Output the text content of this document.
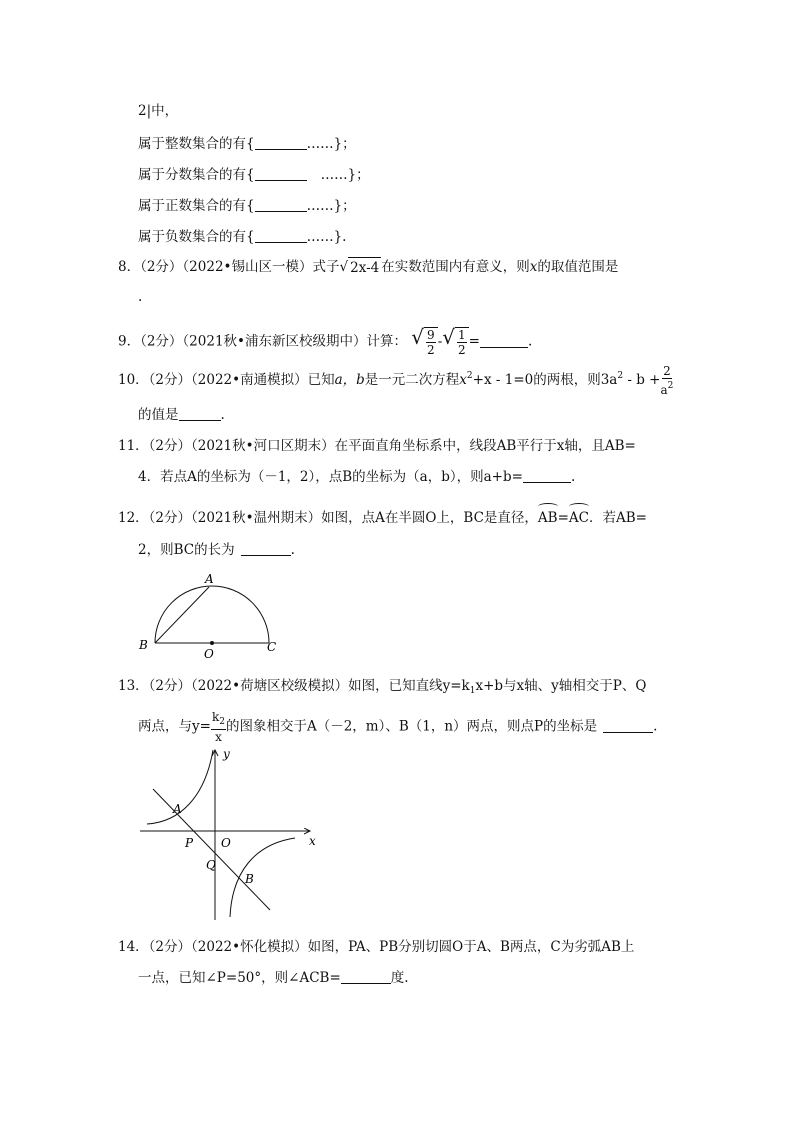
2|中，
属于整数集合的有{	……}；
属于分数集合的有{	……}；
属于正数集合的有{	……}；
属于负数集合的有{	……}.
8．（2分）（2022•锡山区一模）式子 √ 2x-4 在实数范围内有意义，则x的取值范围是
.
9．（2分）（2021秋•浦东新区校级期中）计算： √ $\frac{9}{2}$ - √ $\frac{1}{2}$ =	.
10．（2分）（2022•南通模拟）已知a，b是一元二次方程$x^2+x - 1=0$的两根，则$3a^2 - b + \frac{2}{a^2}$
的值是	.
11．（2分）（2021秋•河口区期末）在平面直角坐标系中，线段AB平行于x轴，且AB=
4．若点A的坐标为（－1，2），点B的坐标为（a，b），则a+b=	.
12．（2分）（2021秋•温州期末）如图，点A在半圆O上，BC是直径，AB=AC．若AB=
2，则BC的长为	.
A
B	C
O
13．（2分）（2022•荷塘区校级模拟）如图，已知直线$y=k_1x+b$与x轴、y轴相交于P、Q
两点，与$y= \frac{k_2}{x}$ 的图象相交于A（－2，m）、B（1，n）两点，则点P的坐标是	.
x
y
O
A
B
P
Q
14．（2分）（2022•怀化模拟）如图，PA、PB分别切圆O于A、B两点，C为劣弧AB上
一点，已知∠P=50°，则∠ACB=	度.
